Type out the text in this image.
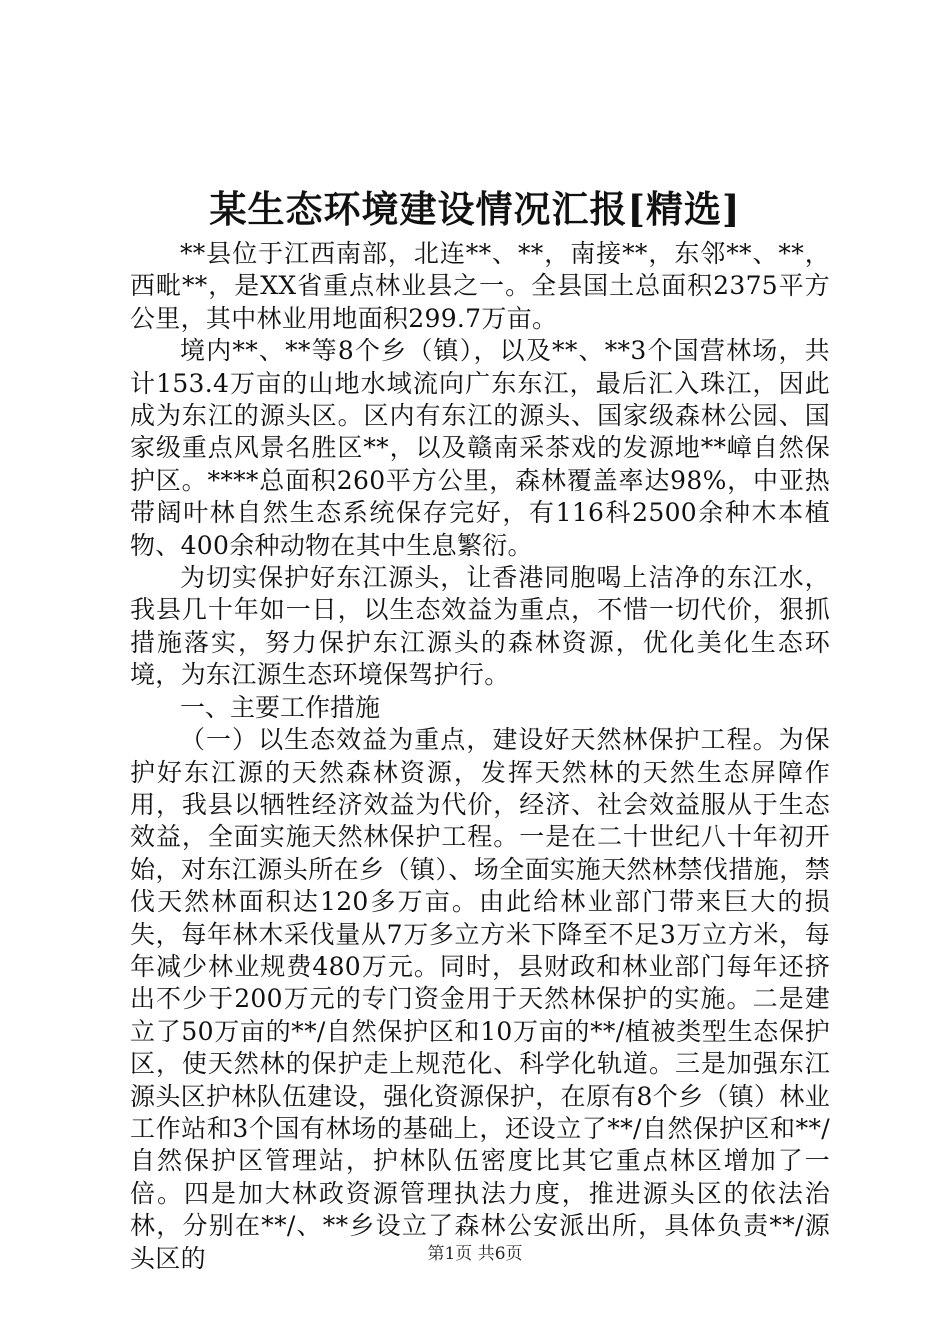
某生态环境建设情况汇报[精选]

**县位于江西南部，北连**、**，南接**，东邻**、**，西毗**，是XX省重点林业县之一。全县国土总面积2375平方公里，其中林业用地面积299.7万亩。

境内**、**等8个乡（镇），以及**、**3个国营林场，共计153.4万亩的山地水域流向广东东江，最后汇入珠江，因此成为东江的源头区。区内有东江的源头、国家级森林公园、国家级重点风景名胜区**，以及赣南采茶戏的发源地**嶂自然保护区。****总面积260平方公里，森林覆盖率达98%，中亚热带阔叶林自然生态系统保存完好，有116科2500余种木本植物、400余种动物在其中生息繁衍。

为切实保护好东江源头，让香港同胞喝上洁净的东江水，我县几十年如一日，以生态效益为重点，不惜一切代价，狠抓措施落实，努力保护东江源头的森林资源，优化美化生态环境，为东江源生态环境保驾护行。

一、主要工作措施

（一）以生态效益为重点，建设好天然林保护工程。为保护好东江源的天然森林资源，发挥天然林的天然生态屏障作用，我县以牺牲经济效益为代价，经济、社会效益服从于生态效益，全面实施天然林保护工程。一是在二十世纪八十年初开始，对东江源头所在乡（镇）、场全面实施天然林禁伐措施，禁伐天然林面积达120多万亩。由此给林业部门带来巨大的损失，每年林木采伐量从7万多立方米下降至不足3万立方米，每年减少林业规费480万元。同时，县财政和林业部门每年还挤出不少于200万元的专门资金用于天然林保护的实施。二是建立了50万亩的**/自然保护区和10万亩的**/植被类型生态保护区，使天然林的保护走上规范化、科学化轨道。三是加强东江源头区护林队伍建设，强化资源保护，在原有8个乡（镇）林业工作站和3个国有林场的基础上，还设立了**/自然保护区和**/自然保护区管理站，护林队伍密度比其它重点林区增加了一倍。四是加大林政资源管理执法力度，推进源头区的依法治林，分别在**/、**乡设立了森林公安派出所，具体负责**/源头区的	第1页 共6页
